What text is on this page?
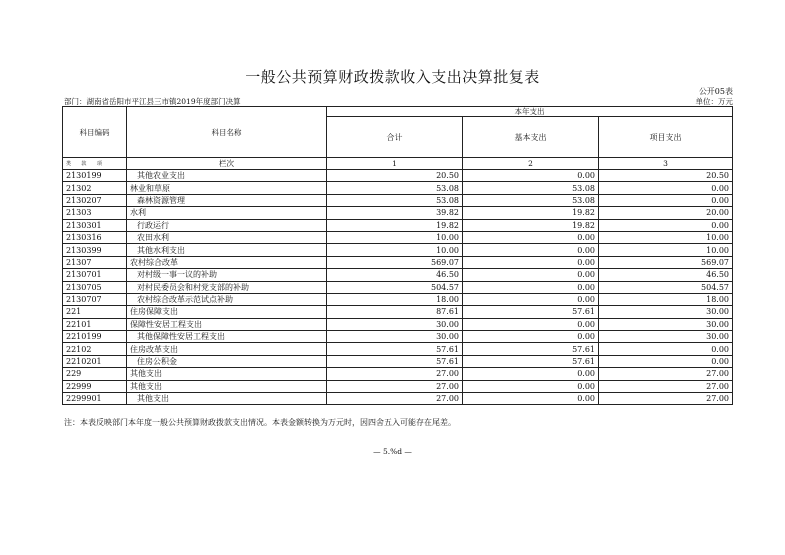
一般公共预算财政拨款收入支出决算批复表
公开05表
部门：湖南省岳阳市平江县三市镇2019年度部门决算	单位：万元
科目编码	科目名称	本年支出		
		合计	基本支出	项目支出
类 款 项	栏次	1	2	3
2130199	其他农业支出	20.50	0.00	20.50
21302	林业和草原	53.08	53.08	0.00
2130207	森林资源管理	53.08	53.08	0.00
21303	水利	39.82	19.82	20.00
2130301	行政运行	19.82	19.82	0.00
2130316	农田水利	10.00	0.00	10.00
2130399	其他水利支出	10.00	0.00	10.00
21307	农村综合改革	569.07	0.00	569.07
2130701	对村级一事一议的补助	46.50	0.00	46.50
2130705	对村民委员会和村党支部的补助	504.57	0.00	504.57
2130707	农村综合改革示范试点补助	18.00	0.00	18.00
221	住房保障支出	87.61	57.61	30.00
22101	保障性安居工程支出	30.00	0.00	30.00
2210199	其他保障性安居工程支出	30.00	0.00	30.00
22102	住房改革支出	57.61	57.61	0.00
2210201	住房公积金	57.61	57.61	0.00
229	其他支出	27.00	0.00	27.00
22999	其他支出	27.00	0.00	27.00
2299901	其他支出	27.00	0.00	27.00
注：本表反映部门本年度一般公共预算财政拨款支出情况。本表金额转换为万元时，因四舍五入可能存在尾差。
— 5.%d —
